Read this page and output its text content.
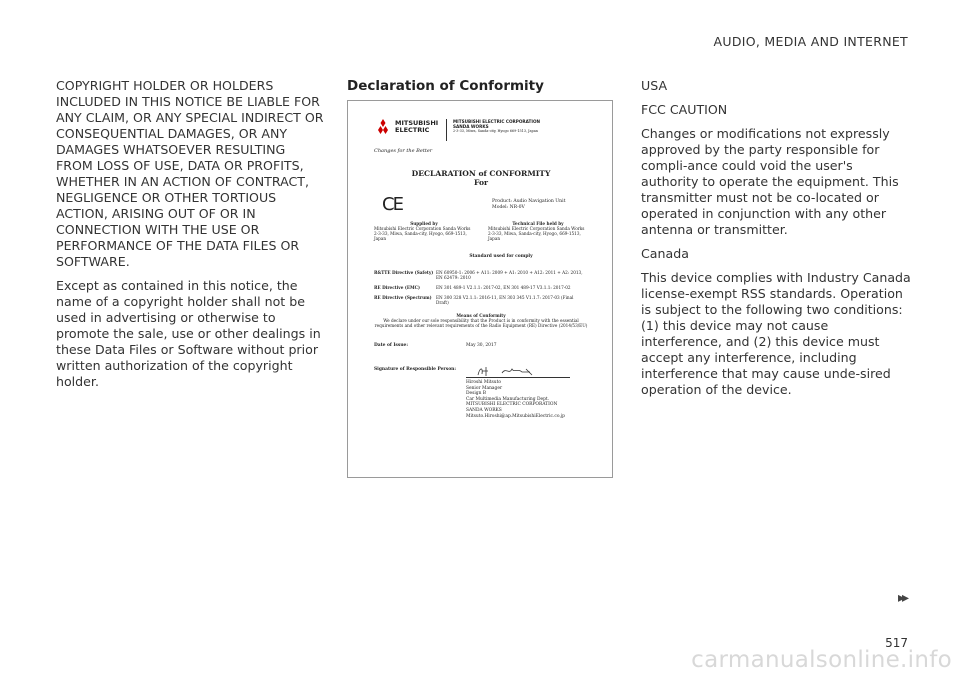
AUDIO, MEDIA AND INTERNET

COPYRIGHT HOLDER OR HOLDERS INCLUDED IN THIS NOTICE BE LIABLE FOR ANY CLAIM, OR ANY SPECIAL INDIRECT OR CONSEQUENTIAL DAMAGES, OR ANY DAMAGES WHATSOEVER RESULTING FROM LOSS OF USE, DATA OR PROFITS, WHETHER IN AN ACTION OF CONTRACT, NEGLIGENCE OR OTHER TORTIOUS ACTION, ARISING OUT OF OR IN CONNECTION WITH THE USE OR PERFORMANCE OF THE DATA FILES OR SOFTWARE.

Except as contained in this notice, the name of a copyright holder shall not be used in advertising or otherwise to promote the sale, use or other dealings in these Data Files or Software without prior written authorization of the copyright holder.

Declaration of Conformity
MITSUBISHI
ELECTRIC
MITSUBISHI ELECTRIC CORPORATION
SANDA WORKS
2-3-33, Miwa, Sanda-city, Hyogo 669-1513, Japan
Changes for the Better
DECLARATION of CONFORMITY
For
CE	Product: Audio Navigation Unit
Model: NR-0V
Supplied by
Mitsubishi Electric Corporation Sanda Works 2-3-33, Miwa, Sanda-city, Hyogo, 669-1513, Japan
Technical File held by
Mitsubishi Electric Corporation Sanda Works 2-3-33, Miwa, Sanda-city, Hyogo, 669-1513, Japan
Standard used for comply
R&TTE Directive (Safety) EN 60950-1: 2006 + A11: 2009 + A1: 2010 + A12: 2011 + A2: 2013, EN 62479: 2010
RE Directive (EMC)	EN 301 489-1 V2.1.1: 2017-02, EN 301 489-17 V3.1.1: 2017-02
RE Directive (Spectrum)	EN 300 328 V2.1.1: 2016-11, EN 303 345 V1.1.7: 2017-03 (Final Draft)
Means of Conformity
We declare under our sole responsibility that the Product is in conformity with the essential requirements and other relevant requirements of the Radio Equipment (RE) Directive (2014/53/EU)
Date of Issue:	May 30, 2017
Signature of Responsible Person:
Hiroshi Mitsuto
Senior Manager
Design B
Car Multimedia Manufacturing Dept.
MITSUBISHI ELECTRIC CORPORATION
SANDA WORKS
Mitsuto.Hiroshi@ap.MitsubishiElectric.co.jp

USA

FCC CAUTION

Changes or modifications not expressly approved by the party responsible for compli-ance could void the user's authority to operate the equipment. This transmitter must not be co-located or operated in conjunction with any other antenna or transmitter.

Canada

This device complies with Industry Canada license-exempt RSS standards. Operation is subject to the following two conditions: (1) this device may not cause interference, and (2) this device must accept any interference, including interference that may cause unde-sired operation of the device.

▸▸
517
carmanualsonline.info
